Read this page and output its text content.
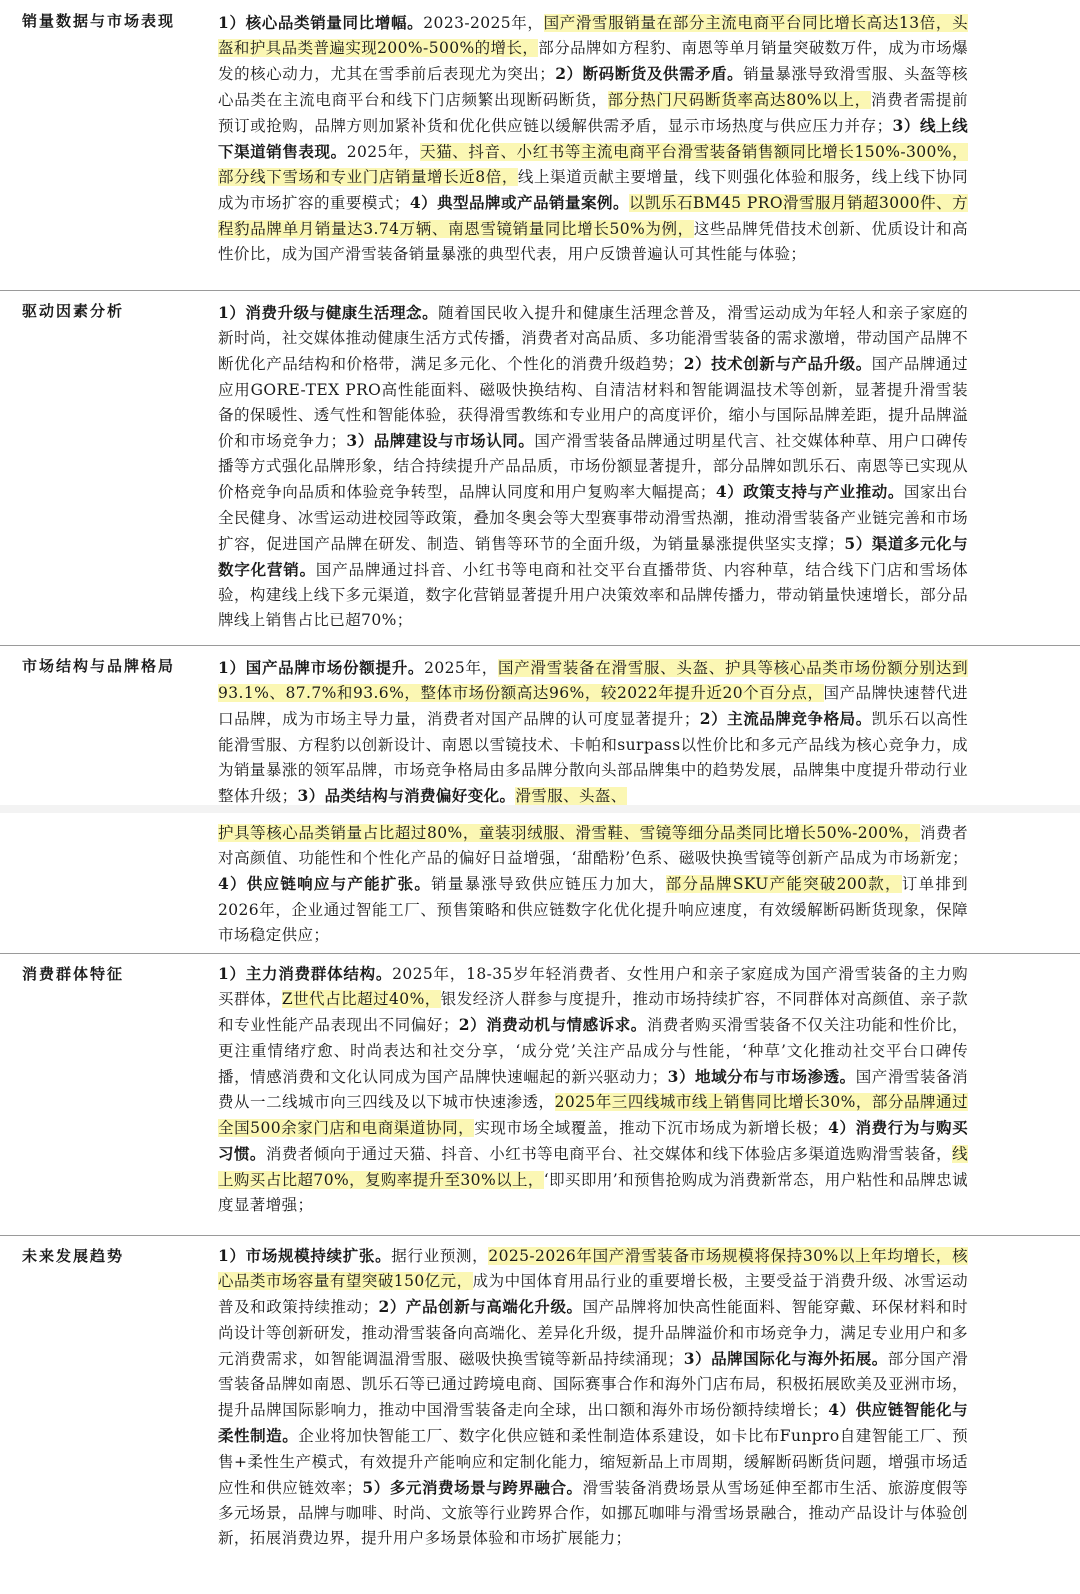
销量数据与市场表现	1）核心品类销量同比增幅。2023-2025年，国产滑雪服销量在部分主流电商平台同比增长高达13倍，头盔和护具品类普遍实现200%-500%的增长，部分品牌如方程豹、南恩等单月销量突破数万件，成为市场爆发的核心动力，尤其在雪季前后表现尤为突出；2）断码断货及供需矛盾。销量暴涨导致滑雪服、头盔等核心品类在主流电商平台和线下门店频繁出现断码断货，部分热门尺码断货率高达80%以上，消费者需提前预订或抢购，品牌方则加紧补货和优化供应链以缓解供需矛盾，显示市场热度与供应压力并存；3）线上线下渠道销售表现。2025年，天猫、抖音、小红书等主流电商平台滑雪装备销售额同比增长150%-300%，部分线下雪场和专业门店销量增长近8倍，线上渠道贡献主要增量，线下则强化体验和服务，线上线下协同成为市场扩容的重要模式；4）典型品牌或产品销量案例。以凯乐石BM45 PRO滑雪服月销超3000件、方程豹品牌单月销量达3.74万辆、南恩雪镜销量同比增长50%为例，这些品牌凭借技术创新、优质设计和高性价比，成为国产滑雪装备销量暴涨的典型代表，用户反馈普遍认可其性能与体验；
驱动因素分析	1）消费升级与健康生活理念。随着国民收入提升和健康生活理念普及，滑雪运动成为年轻人和亲子家庭的新时尚，社交媒体推动健康生活方式传播，消费者对高品质、多功能滑雪装备的需求激增，带动国产品牌不断优化产品结构和价格带，满足多元化、个性化的消费升级趋势；2）技术创新与产品升级。国产品牌通过应用GORE-TEX PRO高性能面料、磁吸快换结构、自清洁材料和智能调温技术等创新，显著提升滑雪装备的保暖性、透气性和智能体验，获得滑雪教练和专业用户的高度评价，缩小与国际品牌差距，提升品牌溢价和市场竞争力；3）品牌建设与市场认同。国产滑雪装备品牌通过明星代言、社交媒体种草、用户口碑传播等方式强化品牌形象，结合持续提升产品品质，市场份额显著提升，部分品牌如凯乐石、南恩等已实现从价格竞争向品质和体验竞争转型，品牌认同度和用户复购率大幅提高；4）政策支持与产业推动。国家出台全民健身、冰雪运动进校园等政策，叠加冬奥会等大型赛事带动滑雪热潮，推动滑雪装备产业链完善和市场扩容，促进国产品牌在研发、制造、销售等环节的全面升级，为销量暴涨提供坚实支撑；5）渠道多元化与数字化营销。国产品牌通过抖音、小红书等电商和社交平台直播带货、内容种草，结合线下门店和雪场体验，构建线上线下多元渠道，数字化营销显著提升用户决策效率和品牌传播力，带动销量快速增长，部分品牌线上销售占比已超70%；
市场结构与品牌格局	1）国产品牌市场份额提升。2025年，国产滑雪装备在滑雪服、头盔、护具等核心品类市场份额分别达到93.1%、87.7%和93.6%，整体市场份额高达96%，较2022年提升近20个百分点，国产品牌快速替代进口品牌，成为市场主导力量，消费者对国产品牌的认可度显著提升；2）主流品牌竞争格局。凯乐石以高性能滑雪服、方程豹以创新设计、南恩以雪镜技术、卡帕和surpass以性价比和多元产品线为核心竞争力，成为销量暴涨的领军品牌，市场竞争格局由多品牌分散向头部品牌集中的趋势发展，品牌集中度提升带动行业整体升级；3）品类结构与消费偏好变化。滑雪服、头盔、
护具等核心品类销量占比超过80%，童装羽绒服、滑雪鞋、雪镜等细分品类同比增长50%-200%，消费者对高颜值、功能性和个性化产品的偏好日益增强，‘甜酷粉’色系、磁吸快换雪镜等创新产品成为市场新宠；4）供应链响应与产能扩张。销量暴涨导致供应链压力加大，部分品牌SKU产能突破200款，订单排到2026年，企业通过智能工厂、预售策略和供应链数字化优化提升响应速度，有效缓解断码断货现象，保障市场稳定供应；
消费群体特征	1）主力消费群体结构。2025年，18-35岁年轻消费者、女性用户和亲子家庭成为国产滑雪装备的主力购买群体，Z世代占比超过40%，银发经济人群参与度提升，推动市场持续扩容，不同群体对高颜值、亲子款和专业性能产品表现出不同偏好；2）消费动机与情感诉求。消费者购买滑雪装备不仅关注功能和性价比，更注重情绪疗愈、时尚表达和社交分享，‘成分党’关注产品成分与性能，‘种草’文化推动社交平台口碑传播，情感消费和文化认同成为国产品牌快速崛起的新兴驱动力；3）地域分布与市场渗透。国产滑雪装备消费从一二线城市向三四线及以下城市快速渗透，2025年三四线城市线上销售同比增长30%，部分品牌通过全国500余家门店和电商渠道协同，实现市场全域覆盖，推动下沉市场成为新增长极；4）消费行为与购买习惯。消费者倾向于通过天猫、抖音、小红书等电商平台、社交媒体和线下体验店多渠道选购滑雪装备，线上购买占比超70%，复购率提升至30%以上，‘即买即用’和预售抢购成为消费新常态，用户粘性和品牌忠诚度显著增强；
未来发展趋势	1）市场规模持续扩张。据行业预测，2025-2026年国产滑雪装备市场规模将保持30%以上年均增长，核心品类市场容量有望突破150亿元，成为中国体育用品行业的重要增长极，主要受益于消费升级、冰雪运动普及和政策持续推动；2）产品创新与高端化升级。国产品牌将加快高性能面料、智能穿戴、环保材料和时尚设计等创新研发，推动滑雪装备向高端化、差异化升级，提升品牌溢价和市场竞争力，满足专业用户和多元消费需求，如智能调温滑雪服、磁吸快换雪镜等新品持续涌现；3）品牌国际化与海外拓展。部分国产滑雪装备品牌如南恩、凯乐石等已通过跨境电商、国际赛事合作和海外门店布局，积极拓展欧美及亚洲市场，提升品牌国际影响力，推动中国滑雪装备走向全球，出口额和海外市场份额持续增长；4）供应链智能化与柔性制造。企业将加快智能工厂、数字化供应链和柔性制造体系建设，如卡比布Funpro自建智能工厂、预售+柔性生产模式，有效提升产能响应和定制化能力，缩短新品上市周期，缓解断码断货问题，增强市场适应性和供应链效率；5）多元消费场景与跨界融合。滑雪装备消费场景从雪场延伸至都市生活、旅游度假等多元场景，品牌与咖啡、时尚、文旅等行业跨界合作，如挪瓦咖啡与滑雪场景融合，推动产品设计与体验创新，拓展消费边界，提升用户多场景体验和市场扩展能力；
